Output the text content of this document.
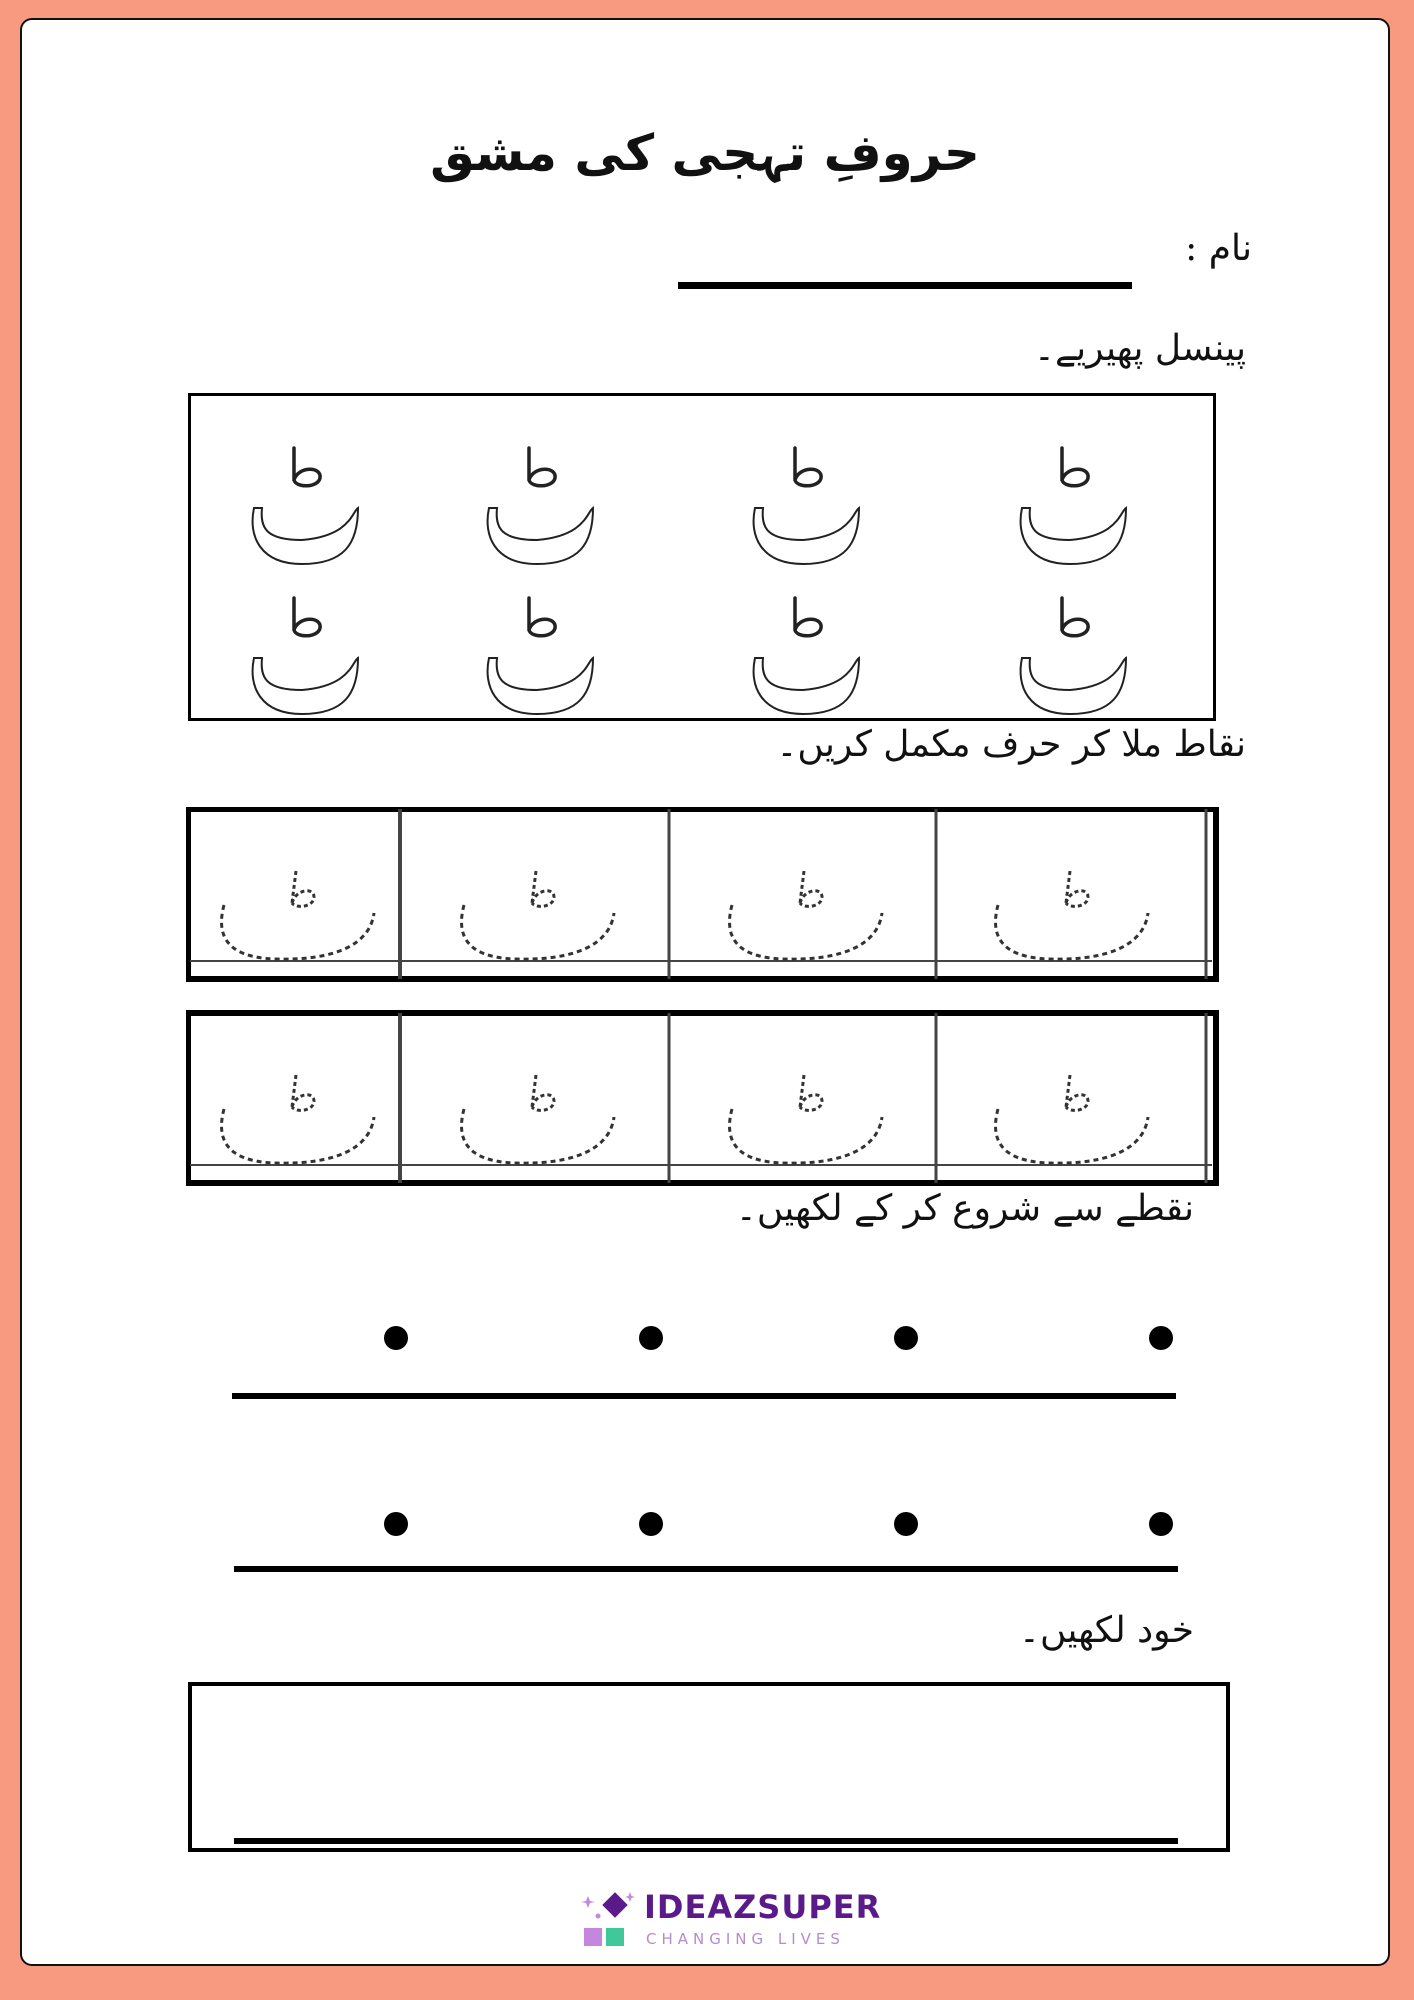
حروفِ تہجی کی مشق
نام :
پینسل پھیریے۔
نقاط ملا کر حرف مکمل کریں۔
نقطے سے شروع کر کے لکھیں۔
خود لکھیں۔
IDEAZSUPER
CHANGING LIVES
